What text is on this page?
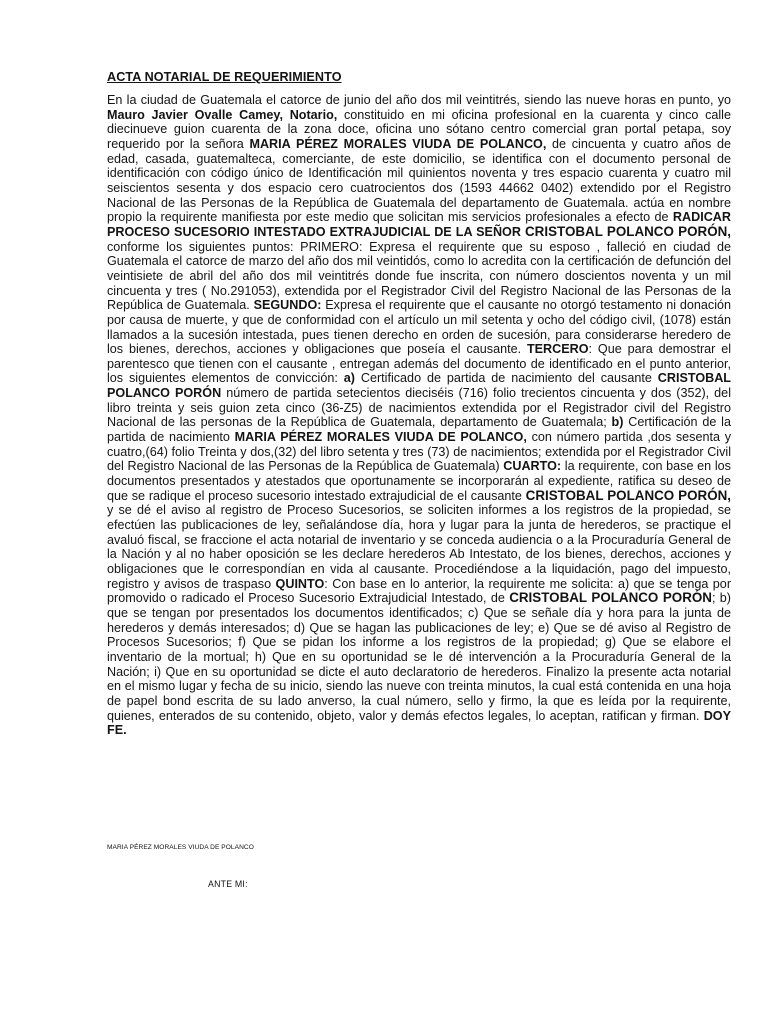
ACTA NOTARIAL DE REQUERIMIENTO

En la ciudad de Guatemala el catorce de junio del año dos mil veintitrés, siendo las nueve horas en punto, yo Mauro Javier Ovalle Camey, Notario, constituido en mi oficina profesional en la cuarenta y cinco calle diecinueve guion cuarenta de la zona doce, oficina uno sótano centro comercial gran portal petapa, soy requerido por la señora MARIA PÉREZ MORALES VIUDA DE POLANCO, de cincuenta y cuatro años de edad, casada, guatemalteca, comerciante, de este domicilio, se identifica con el documento personal de identificación con código único de Identificación mil quinientos noventa y tres espacio cuarenta y cuatro mil seiscientos sesenta y dos espacio cero cuatrocientos dos (1593 44662 0402) extendido por el Registro Nacional de las Personas de la República de Guatemala del departamento de Guatemala. actúa en nombre propio la requirente manifiesta por este medio que solicitan mis servicios profesionales a efecto de RADICAR PROCESO SUCESORIO INTESTADO EXTRAJUDICIAL DE LA SEÑOR CRISTOBAL POLANCO PORÓN, conforme los siguientes puntos: PRIMERO: Expresa el requirente que su esposo , falleció en ciudad de Guatemala el catorce de marzo del año dos mil veintidós, como lo acredita con la certificación de defunción del veintisiete de abril del año dos mil veintitrés donde fue inscrita, con número doscientos noventa y un mil cincuenta y tres ( No.291053), extendida por el Registrador Civil del Registro Nacional de las Personas de la República de Guatemala. SEGUNDO: Expresa el requirente que el causante no otorgó testamento ni donación por causa de muerte, y que de conformidad con el artículo un mil setenta y ocho del código civil, (1078) están llamados a la sucesión intestada, pues tienen derecho en orden de sucesión, para considerarse heredero de los bienes, derechos, acciones y obligaciones que poseía el causante. TERCERO: Que para demostrar el parentesco que tienen con el causante , entregan además del documento de identificado en el punto anterior, los siguientes elementos de convicción: a) Certificado de partida de nacimiento del causante CRISTOBAL POLANCO PORÓN número de partida setecientos dieciséis (716) folio trecientos cincuenta y dos (352), del libro treinta y seis guion zeta cinco (36-Z5) de nacimientos extendida por el Registrador civil del Registro Nacional de las personas de la República de Guatemala, departamento de Guatemala; b) Certificación de la partida de nacimiento MARIA PÉREZ MORALES VIUDA DE POLANCO, con número partida ,dos sesenta y cuatro,(64) folio Treinta y dos,(32) del libro setenta y tres (73) de nacimientos; extendida por el Registrador Civil del Registro Nacional de las Personas de la República de Guatemala) CUARTO: la requirente, con base en los documentos presentados y atestados que oportunamente se incorporarán al expediente, ratifica su deseo de que se radique el proceso sucesorio intestado extrajudicial de el causante CRISTOBAL POLANCO PORÓN, y se dé el aviso al registro de Proceso Sucesorios, se soliciten informes a los registros de la propiedad, se efectúen las publicaciones de ley, señalándose día, hora y lugar para la junta de herederos, se practique el avaluó fiscal, se fraccione el acta notarial de inventario y se conceda audiencia o a la Procuraduría General de la Nación y al no haber oposición se les declare herederos Ab Intestato, de los bienes, derechos, acciones y obligaciones que le correspondían en vida al causante. Procediéndose a la liquidación, pago del impuesto, registro y avisos de traspaso QUINTO: Con base en lo anterior, la requirente me solicita: a) que se tenga por promovido o radicado el Proceso Sucesorio Extrajudicial Intestado, de CRISTOBAL POLANCO PORÓN; b) que se tengan por presentados los documentos identificados; c) Que se señale día y hora para la junta de herederos y demás interesados; d) Que se hagan las publicaciones de ley; e) Que se dé aviso al Registro de Procesos Sucesorios; f) Que se pidan los informe a los registros de la propiedad; g) Que se elabore el inventario de la mortual; h) Que en su oportunidad se le dé intervención a la Procuraduría General de la Nación; i) Que en su oportunidad se dicte el auto declaratorio de herederos. Finalizo la presente acta notarial en el mismo lugar y fecha de su inicio, siendo las nueve con treinta minutos, la cual está contenida en una hoja de papel bond escrita de su lado anverso, la cual número, sello y firmo, la que es leída por la requirente, quienes, enterados de su contenido, objeto, valor y demás efectos legales, lo aceptan, ratifican y firman. DOY FE.

MARIA PÉREZ MORALES VIUDA DE POLANCO

ANTE MI:
